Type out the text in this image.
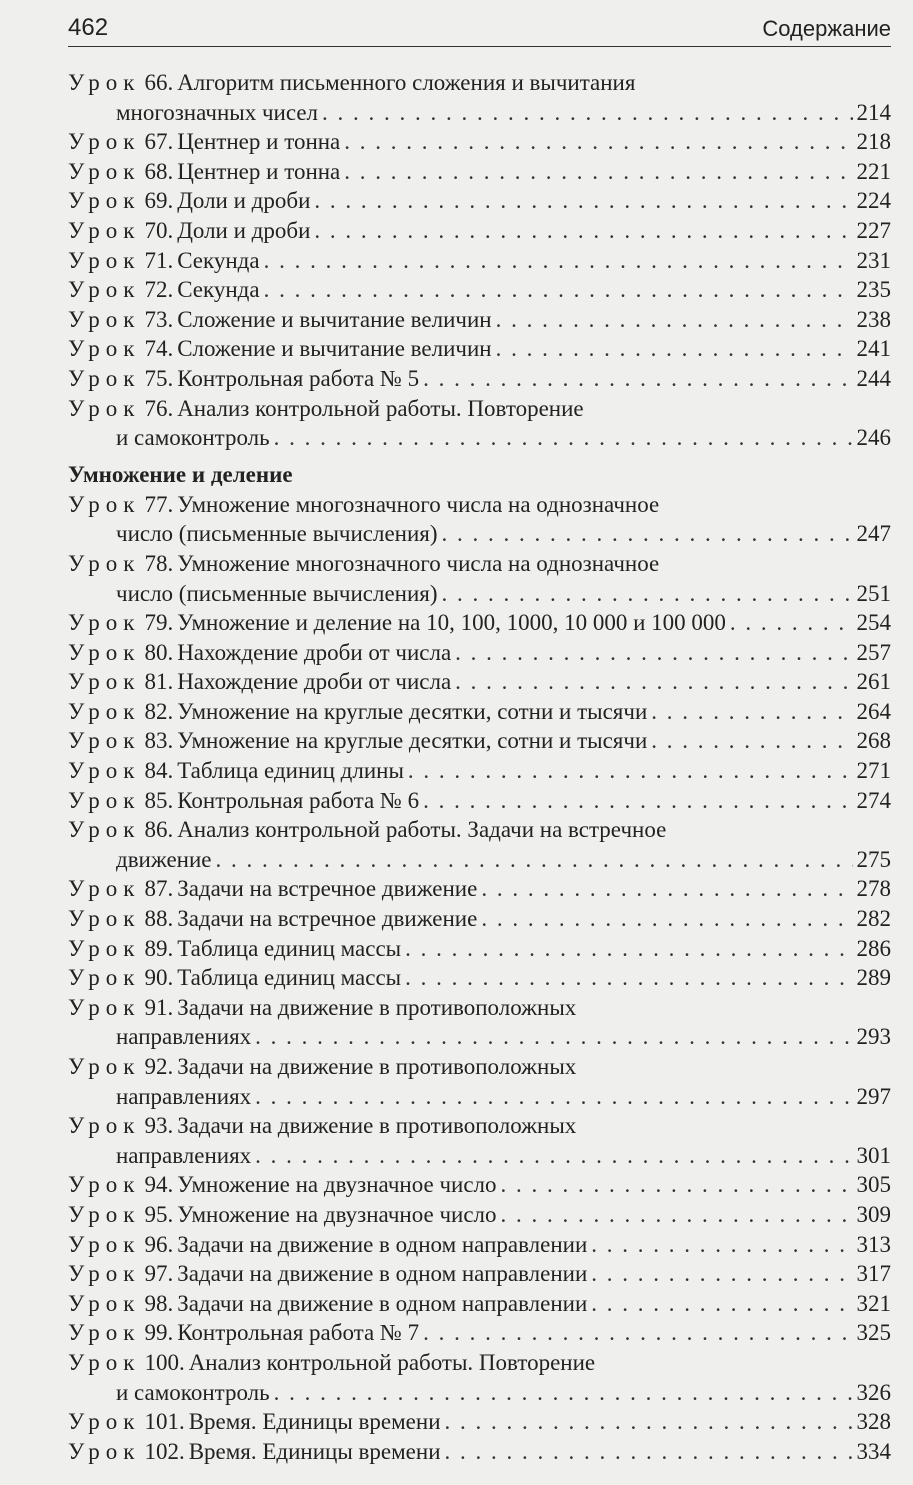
462	Содержание
Урок 66. Алгоритм письменного сложения и вычитания
многозначных чисел . . .	214
Урок 67. Центнер и тонна . . .	218
Урок 68. Центнер и тонна . . .	221
Урок 69. Доли и дроби . . .	224
Урок 70. Доли и дроби . . .	227
Урок 71. Секунда . . .	231
Урок 72. Секунда . . .	235
Урок 73. Сложение и вычитание величин . . .	238
Урок 74. Сложение и вычитание величин . . .	241
Урок 75. Контрольная работа № 5 . . .	244
Урок 76. Анализ контрольной работы. Повторение
и самоконтроль . . .	246
Умножение и деление
Урок 77. Умножение многозначного числа на однозначное
число (письменные вычисления) . . .	247
Урок 78. Умножение многозначного числа на однозначное
число (письменные вычисления) . . .	251
Урок 79. Умножение и деление на 10, 100, 1000, 10 000 и 100 000 . . .	254
Урок 80. Нахождение дроби от числа . . .	257
Урок 81. Нахождение дроби от числа . . .	261
Урок 82. Умножение на круглые десятки, сотни и тысячи . . .	264
Урок 83. Умножение на круглые десятки, сотни и тысячи . . .	268
Урок 84. Таблица единиц длины . . .	271
Урок 85. Контрольная работа № 6 . . .	274
Урок 86. Анализ контрольной работы. Задачи на встречное
движение . . .	275
Урок 87. Задачи на встречное движение . . .	278
Урок 88. Задачи на встречное движение . . .	282
Урок 89. Таблица единиц массы . . .	286
Урок 90. Таблица единиц массы . . .	289
Урок 91. Задачи на движение в противоположных
направлениях . . .	293
Урок 92. Задачи на движение в противоположных
направлениях . . .	297
Урок 93. Задачи на движение в противоположных
направлениях . . .	301
Урок 94. Умножение на двузначное число . . .	305
Урок 95. Умножение на двузначное число . . .	309
Урок 96. Задачи на движение в одном направлении . . .	313
Урок 97. Задачи на движение в одном направлении . . .	317
Урок 98. Задачи на движение в одном направлении . . .	321
Урок 99. Контрольная работа № 7 . . .	325
Урок 100. Анализ контрольной работы. Повторение
и самоконтроль . . .	326
Урок 101. Время. Единицы времени . . .	328
Урок 102. Время. Единицы времени . . .	334
